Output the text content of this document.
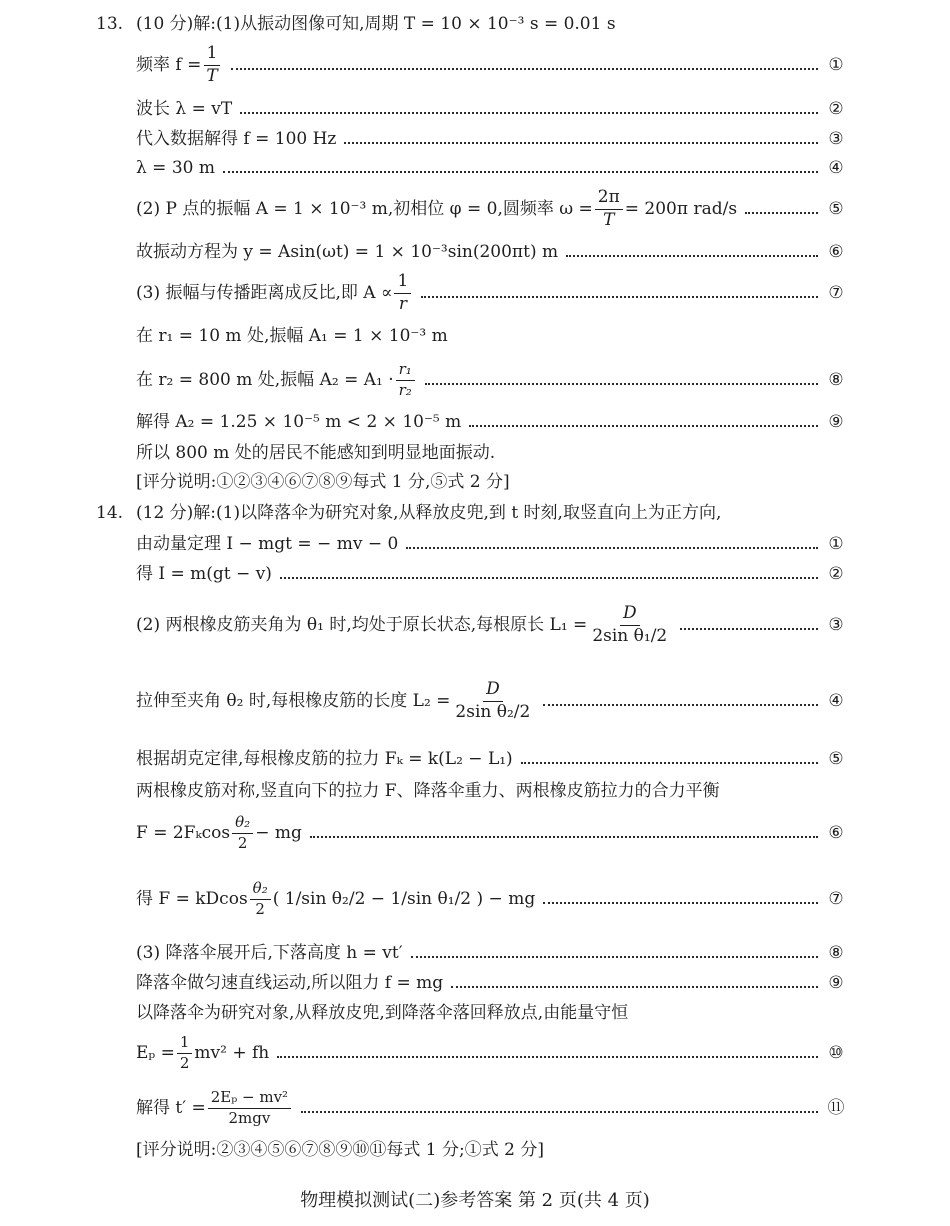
13. (10 分)解:(1)从振动图像可知,周期 T = 10 × 10⁻³ s = 0.01 s
频率 $f = \frac{1}{T}$	①
波长 λ = vT	②
代入数据解得 f = 100 Hz	③
λ = 30 m	④
(2) P 点的振幅 A = 1 × 10⁻³ m,初相位 φ = 0,圆频率 $\omega = \frac{2\pi}{T} = 200\pi$ rad/s	⑤
故振动方程为 y = Asin(ωt) = 1 × 10⁻³sin(200πt) m	⑥
(3) 振幅与传播距离成反比,即 $A \propto \frac{1}{r}$	⑦
在 r₁ = 10 m 处,振幅 A₁ = 1 × 10⁻³ m
在 r₂ = 800 m 处,振幅 $A_2 = A_1 \cdot \frac{\text{r₁}}{\text{r₂}}$	⑧
解得 A₂ = 1.25 × 10⁻⁵ m < 2 × 10⁻⁵ m	⑨
所以 800 m 处的居民不能感知到明显地面振动.
[评分说明:①②③④⑥⑦⑧⑨每式 1 分,⑤式 2 分]
14. (12 分)解:(1)以降落伞为研究对象,从释放皮兜,到 t 时刻,取竖直向上为正方向,
由动量定理 I − mgt = − mv − 0	①
得 I = m(gt − v)	②
(2) 两根橡皮筋夹角为 θ₁ 时,均处于原长状态,每根原长 $L_1 = \frac{D}{\text{2sin θ₁/2}}$	③
拉伸至夹角 θ₂ 时,每根橡皮筋的长度 $L_2 = \frac{D}{\text{2sin θ₂/2}}$	④
根据胡克定律,每根橡皮筋的拉力 Fₖ = k(L₂ − L₁)	⑤
两根橡皮筋对称,竖直向下的拉力 F、降落伞重力、两根橡皮筋拉力的合力平衡
$F = 2F_k\cos \frac{\text{θ₂}}{2}$ − mg	⑥
得 F = kDcos $\frac{\text{θ₂}}{2}$ ( 1/sin θ₂/2 − 1/sin θ₁/2 ) − mg	⑦
(3) 降落伞展开后,下落高度 h = vt′	⑧
降落伞做匀速直线运动,所以阻力 f = mg	⑨
以降落伞为研究对象,从释放皮兜,到降落伞落回释放点,由能量守恒
$E_p = \frac{1}{2} mv^2$ + fh	⑩
解得 $t' = \frac{\text{2Eₚ − mv²}}{\text{2mgv}}$	⑪
[评分说明:②③④⑤⑥⑦⑧⑨⑩⑪每式 1 分;①式 2 分]
物理模拟测试(二)参考答案 第 2 页(共 4 页)
